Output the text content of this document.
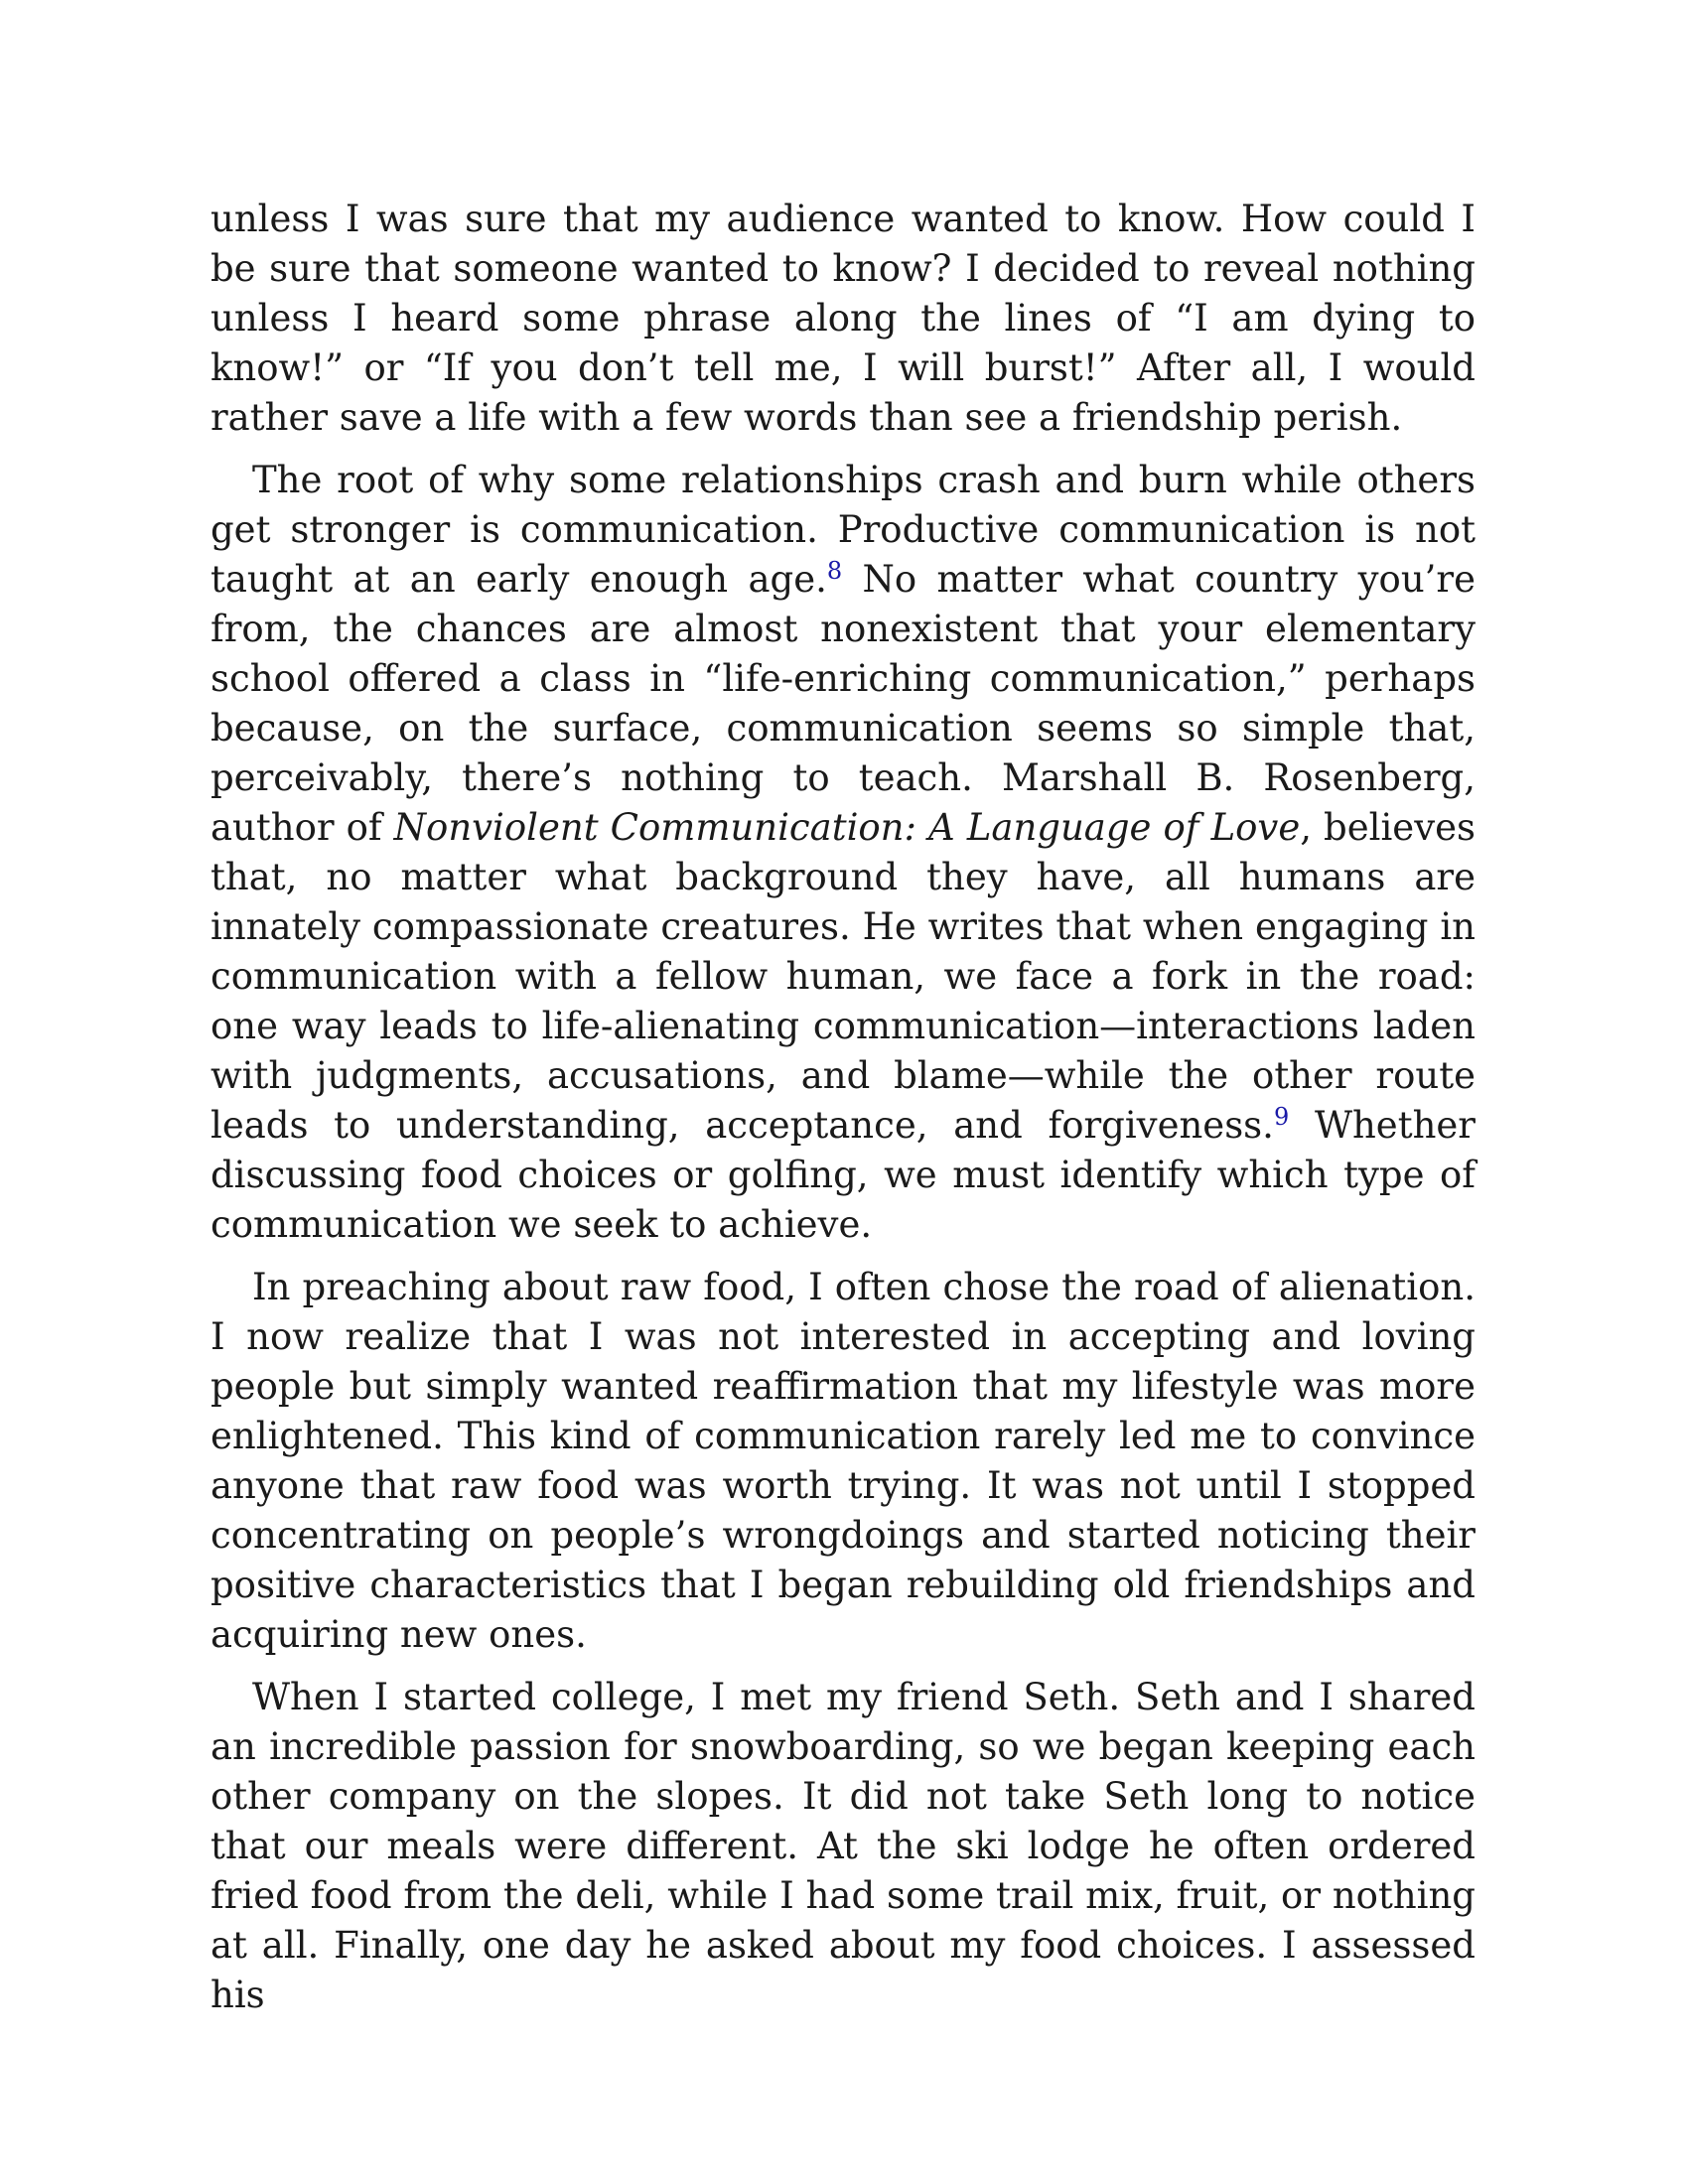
unless I was sure that my audience wanted to know. How could I be sure that someone wanted to know? I decided to reveal nothing unless I heard some phrase along the lines of “I am dying to know!” or “If you don’t tell me, I will burst!” After all, I would rather save a life with a few words than see a friendship perish.

The root of why some relationships crash and burn while others get stronger is communication. Productive communication is not taught at an early enough age.$^8$ No matter what country you’re from, the chances are almost nonexistent that your elementary school offered a class in “life-enriching communication,” perhaps because, on the surface, communication seems so simple that, perceivably, there’s nothing to teach. Marshall B. Rosenberg, author of Nonviolent Communication: A Language of Love, believes that, no matter what background they have, all humans are innately compassionate creatures. He writes that when engaging in communication with a fellow human, we face a fork in the road: one way leads to life-alienating communication—interactions laden with judgments, accusations, and blame—while the other route leads to understanding, acceptance, and forgiveness.$^9$ Whether discussing food choices or golfing, we must identify which type of communication we seek to achieve.

In preaching about raw food, I often chose the road of alienation. I now realize that I was not interested in accepting and loving people but simply wanted reaffirmation that my lifestyle was more enlightened. This kind of communication rarely led me to convince anyone that raw food was worth trying. It was not until I stopped concentrating on people’s wrongdoings and started noticing their positive characteristics that I began rebuilding old friendships and acquiring new ones.

When I started college, I met my friend Seth. Seth and I shared an incredible passion for snowboarding, so we began keeping each other company on the slopes. It did not take Seth long to notice that our meals were different. At the ski lodge he often ordered fried food from the deli, while I had some trail mix, fruit, or nothing at all. Finally, one day he asked about my food choices. I assessed his
